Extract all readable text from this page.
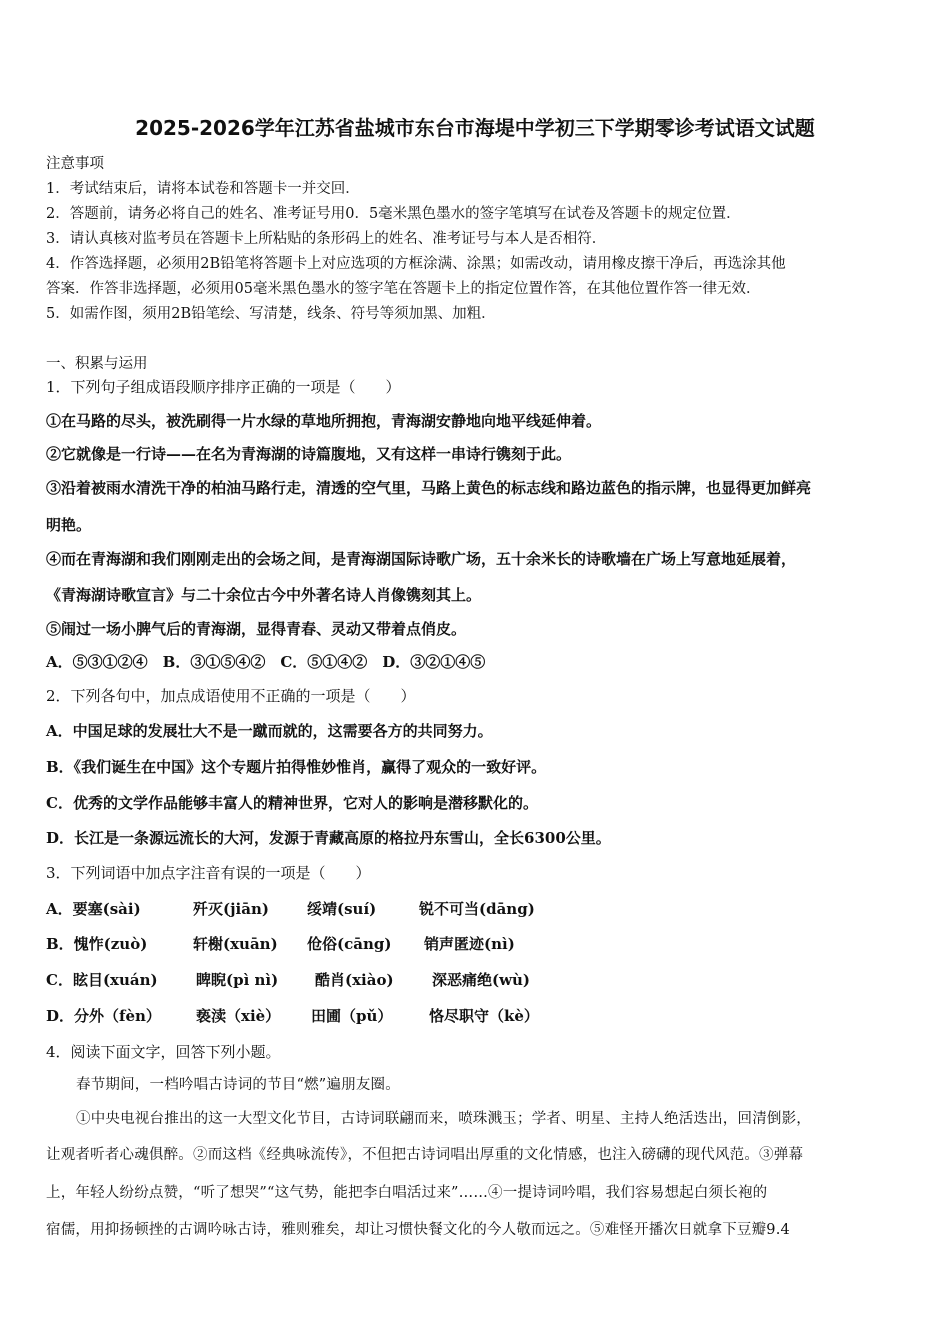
2025-2026学年江苏省盐城市东台市海堤中学初三下学期零诊考试语文试题
注意事项
1．考试结束后，请将本试卷和答题卡一并交回．
2．答题前，请务必将自己的姓名、准考证号用0．5毫米黑色墨水的签字笔填写在试卷及答题卡的规定位置．
3．请认真核对监考员在答题卡上所粘贴的条形码上的姓名、准考证号与本人是否相符．
4．作答选择题，必须用2B铅笔将答题卡上对应选项的方框涂满、涂黑；如需改动，请用橡皮擦干净后，再选涂其他
答案．作答非选择题，必须用05毫米黑色墨水的签字笔在答题卡上的指定位置作答，在其他位置作答一律无效．
5．如需作图，须用2B铅笔绘、写清楚，线条、符号等须加黑、加粗．
一、积累与运用
1．下列句子组成语段顺序排序正确的一项是（　　）
①在马路的尽头，被洗刷得一片水绿的草地所拥抱，青海湖安静地向地平线延伸着。
②它就像是一行诗——在名为青海湖的诗篇腹地，又有这样一串诗行镌刻于此。
③沿着被雨水清洗干净的柏油马路行走，清透的空气里，马路上黄色的标志线和路边蓝色的指示牌，也显得更加鲜亮
明艳。
④而在青海湖和我们刚刚走出的会场之间，是青海湖国际诗歌广场，五十余米长的诗歌墙在广场上写意地延展着，
《青海湖诗歌宣言》与二十余位古今中外著名诗人肖像镌刻其上。
⑤闹过一场小脾气后的青海湖，显得青春、灵动又带着点俏皮。
A．⑤③①②④　B．③①⑤④②　C．⑤①④②　D．③②①④⑤
2．下列各句中，加点成语使用不正确的一项是（　　）
A．中国足球的发展壮大不是一蹴而就的，这需要各方的共同努力。
B．《我们诞生在中国》这个专题片拍得惟妙惟肖，赢得了观众的一致好评。
C．优秀的文学作品能够丰富人的精神世界，它对人的影响是潜移默化的。
D．长江是一条源远流长的大河，发源于青藏高原的格拉丹东雪山，全长6300公里。
3．下列词语中加点字注音有误的一项是（　　）
A．要塞(sài)	歼灭(jiān)	绥靖(suí)	锐不可当(dāng)
B．愧怍(zuò)	轩榭(xuān) 伧俗(cāng) 销声匿迹(nì)
C．眩目(xuán)	睥睨(pì nì) 酷肖(xiào)	深恶痛绝(wù)
D．分外（fèn） 亵渎（xiè） 田圃（pǔ） 恪尽职守（kè）
4．阅读下面文字，回答下列小题。
春节期间，一档吟唱古诗词的节目“燃”遍朋友圈。
①中央电视台推出的这一大型文化节目，古诗词联翩而来，喷珠溅玉；学者、明星、主持人绝活迭出，回清倒影，
让观者听者心魂俱醉。②而这档《经典咏流传》，不但把古诗词唱出厚重的文化情感，也注入磅礴的现代风范。③弹幕
上，年轻人纷纷点赞，“听了想哭”“这气势，能把李白唱活过来”……④一提诗词吟唱，我们容易想起白须长袍的
宿儒，用抑扬顿挫的古调吟咏古诗，雅则雅矣，却让习惯快餐文化的今人敬而远之。⑤难怪开播次日就拿下豆瓣9.4
